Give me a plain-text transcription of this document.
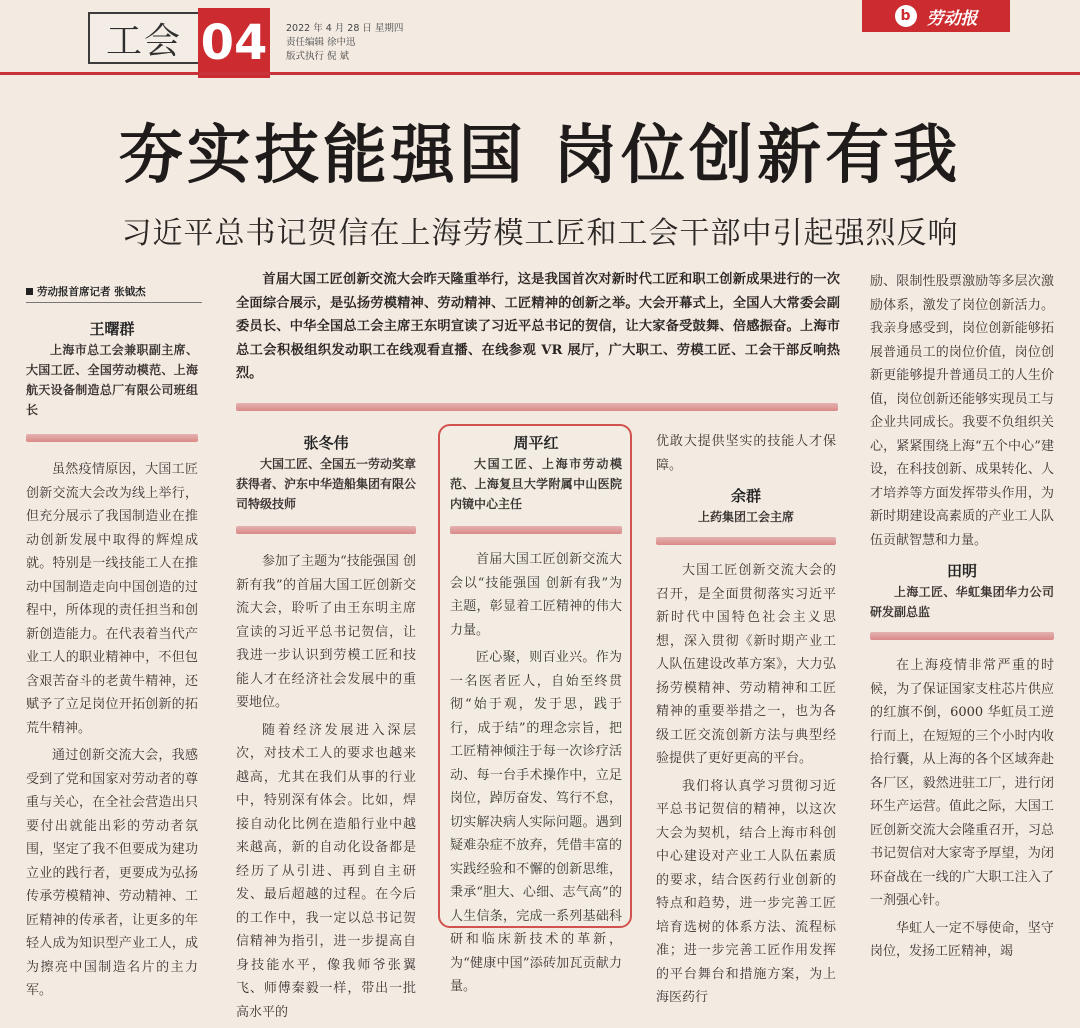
工会 04 2022 年 4 月 28 日 星期四
责任编辑 徐中迅
版式执行 倪 斌
b 劳动报
夯实技能强国 岗位创新有我
习近平总书记贺信在上海劳模工匠和工会干部中引起强烈反响
劳动报首席记者 张钺杰

首届大国工匠创新交流大会昨天隆重举行，这是我国首次对新时代工匠和职工创新成果进行的一次全面综合展示，是弘扬劳模精神、劳动精神、工匠精神的创新之举。大会开幕式上，全国人大常委会副委员长、中华全国总工会主席王东明宣读了习近平总书记的贺信，让大家备受鼓舞、倍感振奋。上海市总工会积极组织发动职工在线观看直播、在线参观 VR 展厅，广大职工、劳模工匠、工会干部反响热烈。

王曙群
上海市总工会兼职副主席、大国工匠、全国劳动模范、上海航天设备制造总厂有限公司班组长

虽然疫情原因，大国工匠创新交流大会改为线上举行，但充分展示了我国制造业在推动创新发展中取得的辉煌成就。特别是一线技能工人在推动中国制造走向中国创造的过程中，所体现的责任担当和创新创造能力。在代表着当代产业工人的职业精神中，不但包含艰苦奋斗的老黄牛精神，还赋予了立足岗位开拓创新的拓荒牛精神。

通过创新交流大会，我感受到了党和国家对劳动者的尊重与关心，在全社会营造出只要付出就能出彩的劳动者氛围，坚定了我不但要成为建功立业的践行者，更要成为弘扬传承劳模精神、劳动精神、工匠精神的传承者，让更多的年轻人成为知识型产业工人，成为擦亮中国制造名片的主力军。

张冬伟
大国工匠、全国五一劳动奖章获得者、沪东中华造船集团有限公司特级技师

参加了主题为“技能强国 创新有我”的首届大国工匠创新交流大会，聆听了由王东明主席宣读的习近平总书记贺信，让我进一步认识到劳模工匠和技能人才在经济社会发展中的重要地位。

随着经济发展进入深层次，对技术工人的要求也越来越高，尤其在我们从事的行业中，特别深有体会。比如，焊接自动化比例在造船行业中越来越高，新的自动化设备都是经历了从引进、再到自主研发、最后超越的过程。在今后的工作中，我一定以总书记贺信精神为指引，进一步提高自身技能水平，像我师爷张翼飞、师傅秦毅一样，带出一批高水平的

周平红
大国工匠、上海市劳动模范、上海复旦大学附属中山医院内镜中心主任

首届大国工匠创新交流大会以“技能强国 创新有我”为主题，彰显着工匠精神的伟大力量。

匠心聚，则百业兴。作为一名医者匠人，自始至终贯彻“始于观，发于思，践于行，成于结”的理念宗旨，把工匠精神倾注于每一次诊疗活动、每一台手术操作中，立足岗位，踔厉奋发、笃行不怠，切实解决病人实际问题。遇到疑难杂症不放弃，凭借丰富的实践经验和不懈的创新思维，秉承“胆大、心细、志气高”的人生信条，完成一系列基础科研和临床新技术的革新，为“健康中国”添砖加瓦贡献力量。

优敢大提供坚实的技能人才保障。

余群
上药集团工会主席

大国工匠创新交流大会的召开，是全面贯彻落实习近平新时代中国特色社会主义思想，深入贯彻《新时期产业工人队伍建设改革方案》，大力弘扬劳模精神、劳动精神和工匠精神的重要举措之一，也为各级工匠交流创新方法与典型经验提供了更好更高的平台。

我们将认真学习贯彻习近平总书记贺信的精神，以这次大会为契机，结合上海市科创中心建设对产业工人队伍素质的要求，结合医药行业创新的特点和趋势，进一步完善工匠培育选树的体系方法、流程标准；进一步完善工匠作用发挥的平台舞台和措施方案，为上海医药行

励、限制性股票激励等多层次激励体系，激发了岗位创新活力。我亲身感受到，岗位创新能够拓展普通员工的岗位价值，岗位创新更能够提升普通员工的人生价值，岗位创新还能够实现员工与企业共同成长。我要不负组织关心，紧紧围绕上海“五个中心”建设，在科技创新、成果转化、人才培养等方面发挥带头作用，为新时期建设高素质的产业工人队伍贡献智慧和力量。

田明
上海工匠、华虹集团华力公司研发副总监

在上海疫情非常严重的时候，为了保证国家支柱芯片供应的红旗不倒，6000 华虹员工逆行而上，在短短的三个小时内收拾行囊，从上海的各个区域奔赴各厂区，毅然进驻工厂，进行闭环生产运营。值此之际，大国工匠创新交流大会隆重召开，习总书记贺信对大家寄予厚望，为闭环奋战在一线的广大职工注入了一剂强心针。

华虹人一定不辱使命，坚守岗位，发扬工匠精神，竭
